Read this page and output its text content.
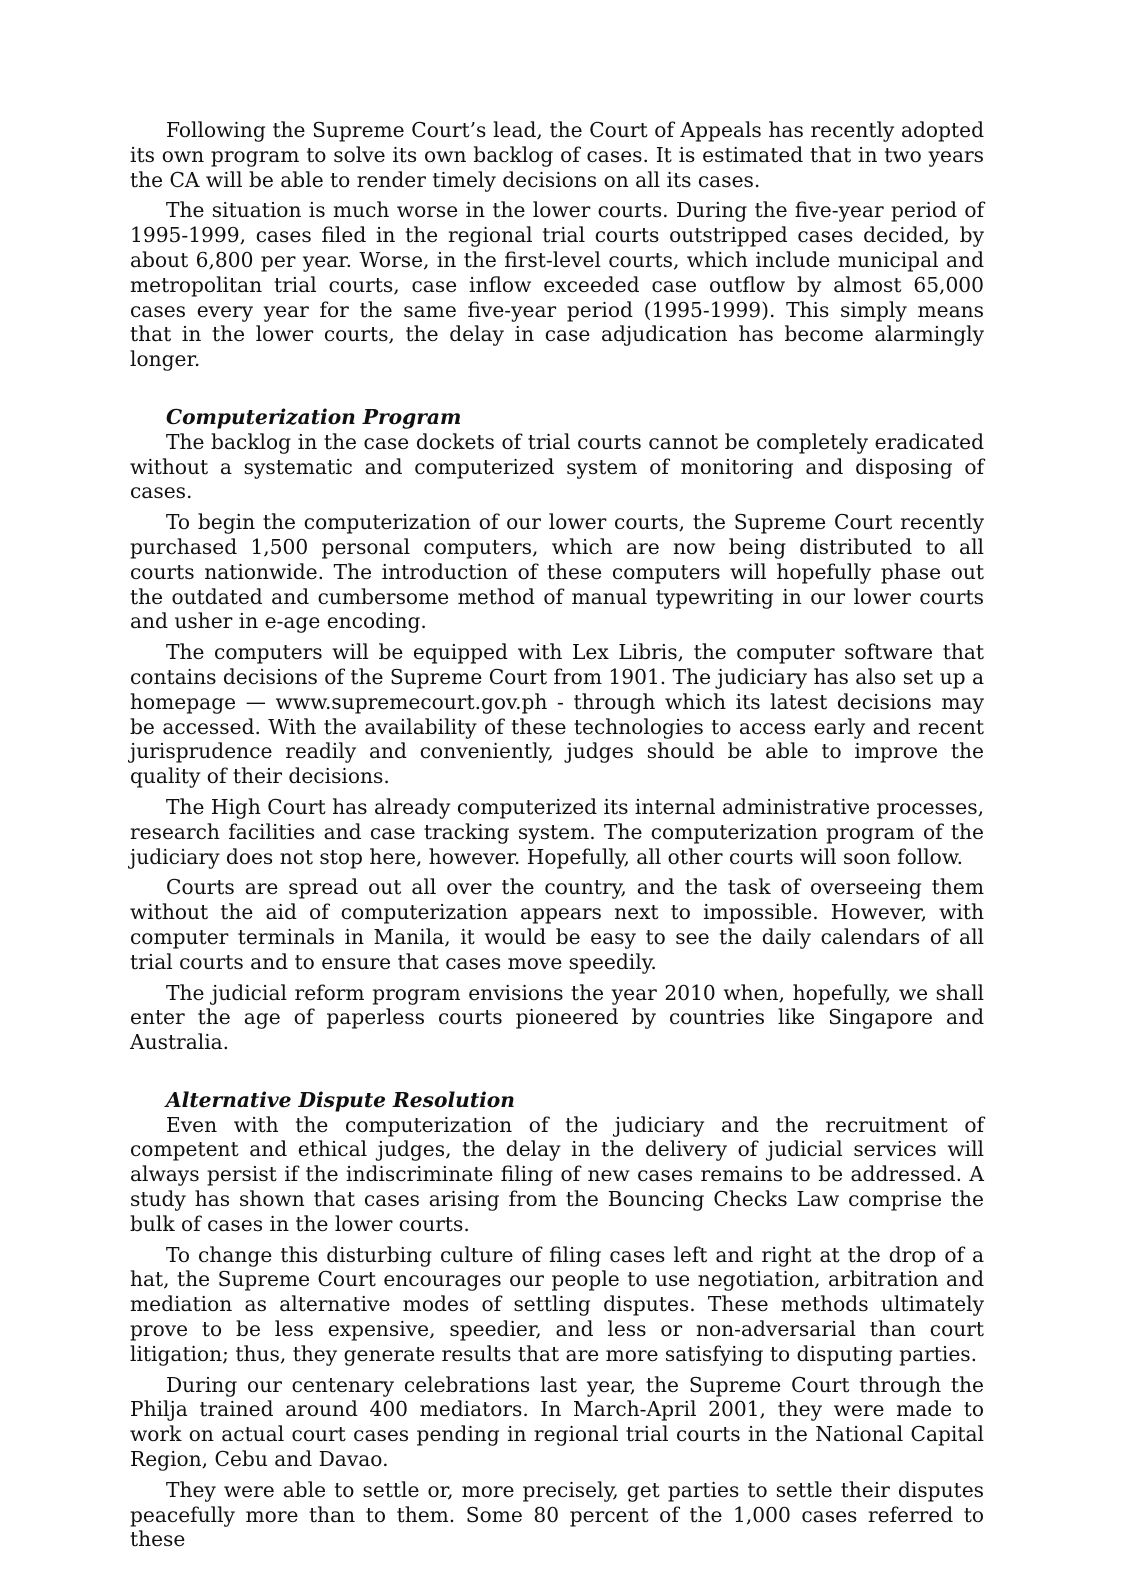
Following the Supreme Court’s lead, the Court of Appeals has recently adopted its own program to solve its own backlog of cases. It is estimated that in two years the CA will be able to render timely decisions on all its cases.

The situation is much worse in the lower courts. During the five-year period of 1995-1999, cases filed in the regional trial courts outstripped cases decided, by about 6,800 per year. Worse, in the first-level courts, which include municipal and metropolitan trial courts, case inflow exceeded case outflow by almost 65,000 cases every year for the same five-year period (1995-1999). This simply means that in the lower courts, the delay in case adjudication has become alarmingly longer.

Computerization Program

The backlog in the case dockets of trial courts cannot be completely eradicated without a systematic and computerized system of monitoring and disposing of cases.

To begin the computerization of our lower courts, the Supreme Court recently purchased 1,500 personal computers, which are now being distributed to all courts nationwide. The introduction of these computers will hopefully phase out the outdated and cumbersome method of manual typewriting in our lower courts and usher in e-age encoding.

The computers will be equipped with Lex Libris, the computer software that contains decisions of the Supreme Court from 1901. The judiciary has also set up a homepage — www.supremecourt.gov.ph - through which its latest decisions may be accessed. With the availability of these technologies to access early and recent jurisprudence readily and conveniently, judges should be able to improve the quality of their decisions.

The High Court has already computerized its internal administrative processes, research facilities and case tracking system. The computerization program of the judiciary does not stop here, however. Hopefully, all other courts will soon follow.

Courts are spread out all over the country, and the task of overseeing them without the aid of computerization appears next to impossible. However, with computer terminals in Manila, it would be easy to see the daily calendars of all trial courts and to ensure that cases move speedily.

The judicial reform program envisions the year 2010 when, hopefully, we shall enter the age of paperless courts pioneered by countries like Singapore and Australia.

Alternative Dispute Resolution

Even with the computerization of the judiciary and the recruitment of competent and ethical judges, the delay in the delivery of judicial services will always persist if the indiscriminate filing of new cases remains to be addressed. A study has shown that cases arising from the Bouncing Checks Law comprise the bulk of cases in the lower courts.

To change this disturbing culture of filing cases left and right at the drop of a hat, the Supreme Court encourages our people to use negotiation, arbitration and mediation as alternative modes of settling disputes. These methods ultimately prove to be less expensive, speedier, and less or non-adversarial than court litigation; thus, they generate results that are more satisfying to disputing parties.

During our centenary celebrations last year, the Supreme Court through the Philja trained around 400 mediators. In March-April 2001, they were made to work on actual court cases pending in regional trial courts in the National Capital Region, Cebu and Davao.

They were able to settle or, more precisely, get parties to settle their disputes peacefully more than to them. Some 80 percent of the 1,000 cases referred to these
